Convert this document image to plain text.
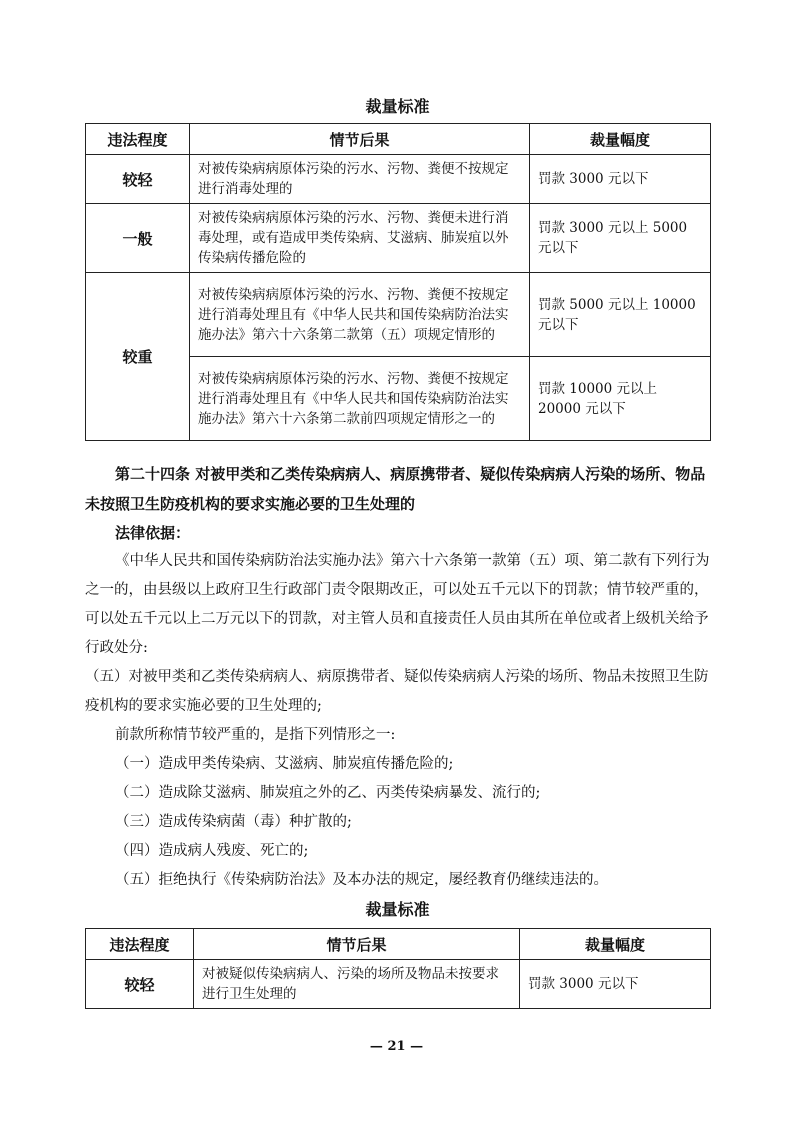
裁量标准
违法程度	情节后果	裁量幅度
较轻	对被传染病病原体污染的污水、污物、粪便不按规定进行消毒处理的	罚款 3000 元以下
一般	对被传染病病原体污染的污水、污物、粪便未进行消毒处理，或有造成甲类传染病、艾滋病、肺炭疽以外传染病传播危险的	罚款 3000 元以上 5000 元以下
较重	对被传染病病原体污染的污水、污物、粪便不按规定进行消毒处理且有《中华人民共和国传染病防治法实施办法》第六十六条第二款第（五）项规定情形的	罚款 5000 元以上 10000 元以下
	对被传染病病原体污染的污水、污物、粪便不按规定进行消毒处理且有《中华人民共和国传染病防治法实施办法》第六十六条第二款前四项规定情形之一的	罚款 10000 元以上 20000 元以下
第二十四条 对被甲类和乙类传染病病人、病原携带者、疑似传染病病人污染的场所、物品未按照卫生防疫机构的要求实施必要的卫生处理的
法律依据：
《中华人民共和国传染病防治法实施办法》第六十六条第一款第（五）项、第二款有下列行为之一的，由县级以上政府卫生行政部门责令限期改正，可以处五千元以下的罚款；情节较严重的，可以处五千元以上二万元以下的罚款，对主管人员和直接责任人员由其所在单位或者上级机关给予行政处分:
（五）对被甲类和乙类传染病病人、病原携带者、疑似传染病病人污染的场所、物品未按照卫生防疫机构的要求实施必要的卫生处理的;
前款所称情节较严重的，是指下列情形之一:
（一）造成甲类传染病、艾滋病、肺炭疽传播危险的;
（二）造成除艾滋病、肺炭疽之外的乙、丙类传染病暴发、流行的;
（三）造成传染病菌（毒）种扩散的;
（四）造成病人残废、死亡的;
（五）拒绝执行《传染病防治法》及本办法的规定，屡经教育仍继续违法的。
裁量标准
违法程度	情节后果	裁量幅度
较轻	对被疑似传染病病人、污染的场所及物品未按要求进行卫生处理的	罚款 3000 元以下
— 21 —
